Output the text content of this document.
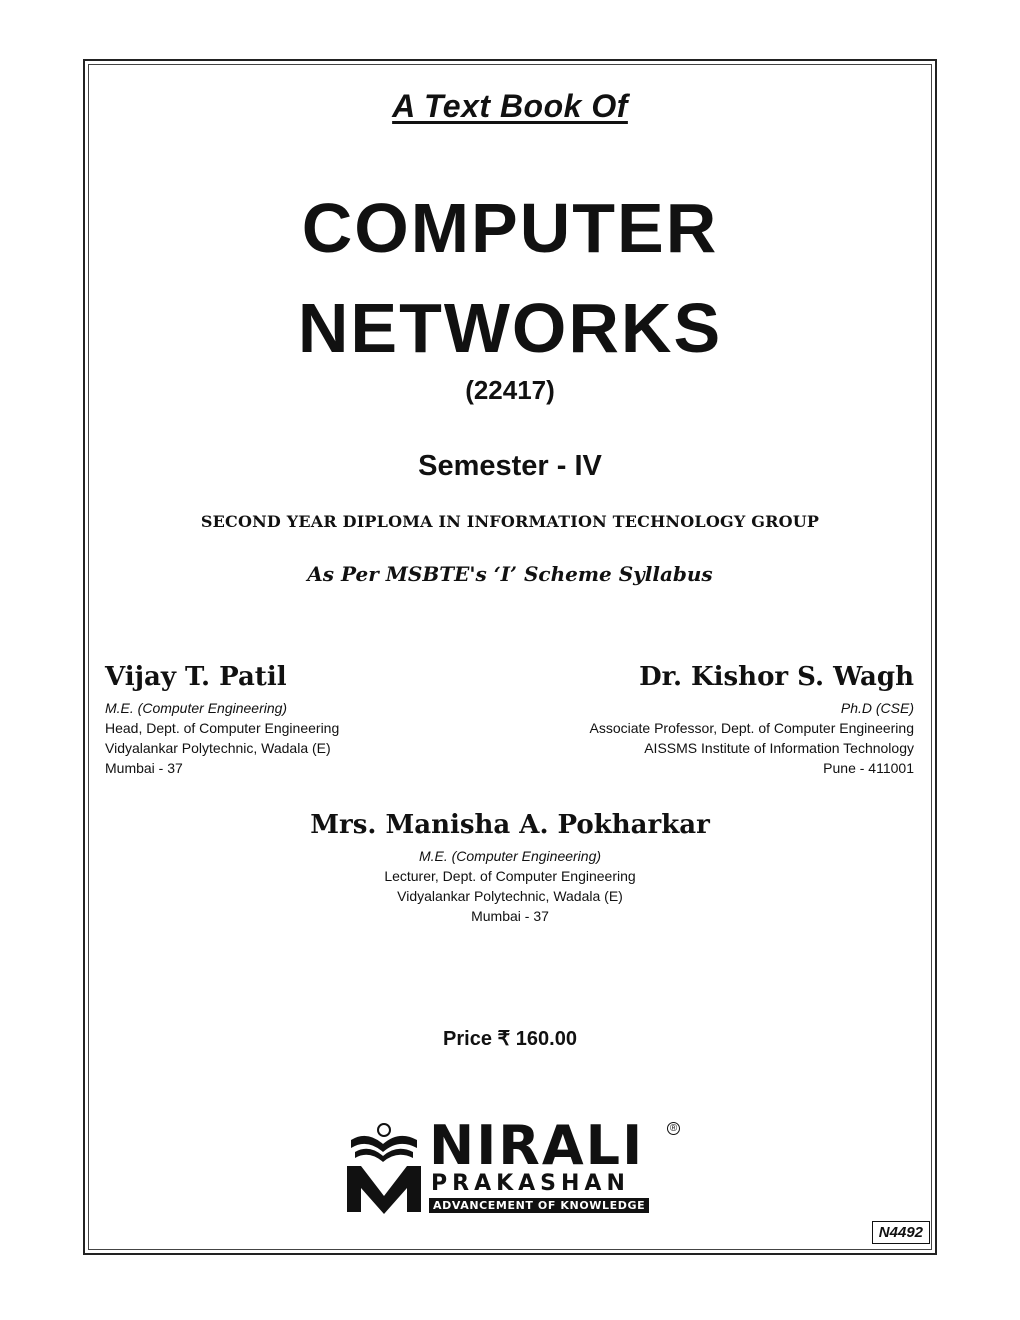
A Text Book Of
COMPUTER
NETWORKS
(22417)
Semester - IV
SECOND YEAR DIPLOMA IN INFORMATION TECHNOLOGY GROUP
As Per MSBTE's ‘I’ Scheme Syllabus
Vijay T. Patil
M.E. (Computer Engineering)
Head, Dept. of Computer Engineering
Vidyalankar Polytechnic, Wadala (E)
Mumbai - 37
Dr. Kishor S. Wagh
Ph.D (CSE)
Associate Professor, Dept. of Computer Engineering
AISSMS Institute of Information Technology
Pune - 411001
Mrs. Manisha A. Pokharkar
M.E. (Computer Engineering)
Lecturer, Dept. of Computer Engineering
Vidyalankar Polytechnic, Wadala (E)
Mumbai - 37
Price ₹ 160.00
NIRALI	®
PRAKASHAN
ADVANCEMENT OF KNOWLEDGE
N4492
